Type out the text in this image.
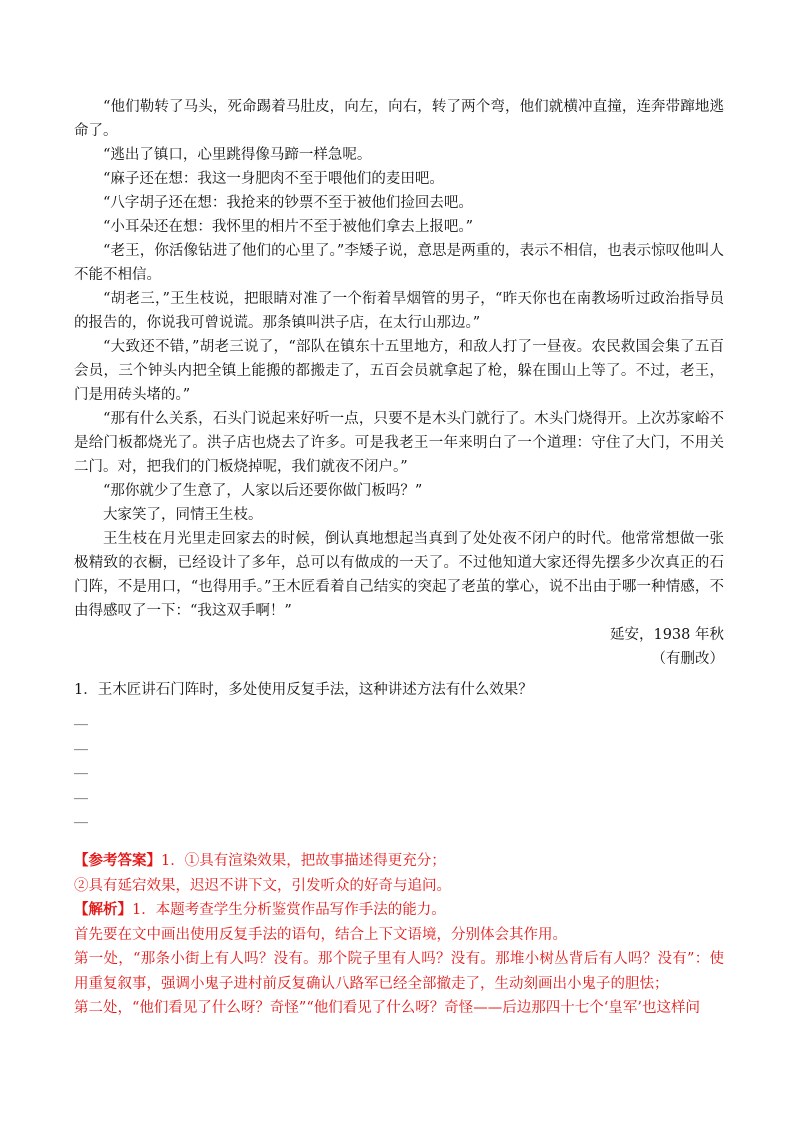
“他们勒转了马头，死命踢着马肚皮，向左，向右，转了两个弯，他们就横冲直撞，连奔带蹿地逃命了。

“逃出了镇口，心里跳得像马蹄一样急呢。

“麻子还在想：我这一身肥肉不至于喂他们的麦田吧。

“八字胡子还在想：我抢来的钞票不至于被他们捡回去吧。

“小耳朵还在想：我怀里的相片不至于被他们拿去上报吧。”

“老王，你活像钻进了他们的心里了。”李矮子说，意思是两重的，表示不相信，也表示惊叹他叫人不能不相信。

“胡老三，”王生枝说，把眼睛对准了一个衔着旱烟管的男子，“昨天你也在南教场听过政治指导员的报告的，你说我可曾说谎。那条镇叫洪子店，在太行山那边。”

“大致还不错，”胡老三说了，“部队在镇东十五里地方，和敌人打了一昼夜。农民救国会集了五百会员，三个钟头内把全镇上能搬的都搬走了，五百会员就拿起了枪，躲在围山上等了。不过，老王，门是用砖头堵的。”

“那有什么关系，石头门说起来好听一点，只要不是木头门就行了。木头门烧得开。上次苏家峪不是给门板都烧光了。洪子店也烧去了许多。可是我老王一年来明白了一个道理：守住了大门，不用关二门。对，把我们的门板烧掉呢，我们就夜不闭户。”

“那你就少了生意了，人家以后还要你做门板吗？”

大家笑了，同情王生枝。

王生枝在月光里走回家去的时候，倒认真地想起当真到了处处夜不闭户的时代。他常常想做一张极精致的衣橱，已经设计了多年，总可以有做成的一天了。不过他知道大家还得先摆多少次真正的石门阵，不是用口，“也得用手。”王木匠看着自己结实的突起了老茧的掌心，说不出由于哪一种情感，不由得感叹了一下：“我这双手啊！”

延安，1938 年秋
（有删改）
1．王木匠讲石门阵时，多处使用反复手法，这种讲述方法有什么效果？
__
__
__
__
__

【参考答案】1．①具有渲染效果，把故事描述得更充分；

②具有延宕效果，迟迟不讲下文，引发听众的好奇与追问。

【解析】1．本题考查学生分析鉴赏作品写作手法的能力。

首先要在文中画出使用反复手法的语句，结合上下文语境，分别体会其作用。

第一处，“那条小街上有人吗？没有。那个院子里有人吗？没有。那堆小树丛背后有人吗？没有”：使用重复叙事，强调小鬼子进村前反复确认八路军已经全部撤走了，生动刻画出小鬼子的胆怯；

第二处，“他们看见了什么呀？奇怪”“他们看见了什么呀？奇怪——后边那四十七个‘皇军’也这样问
